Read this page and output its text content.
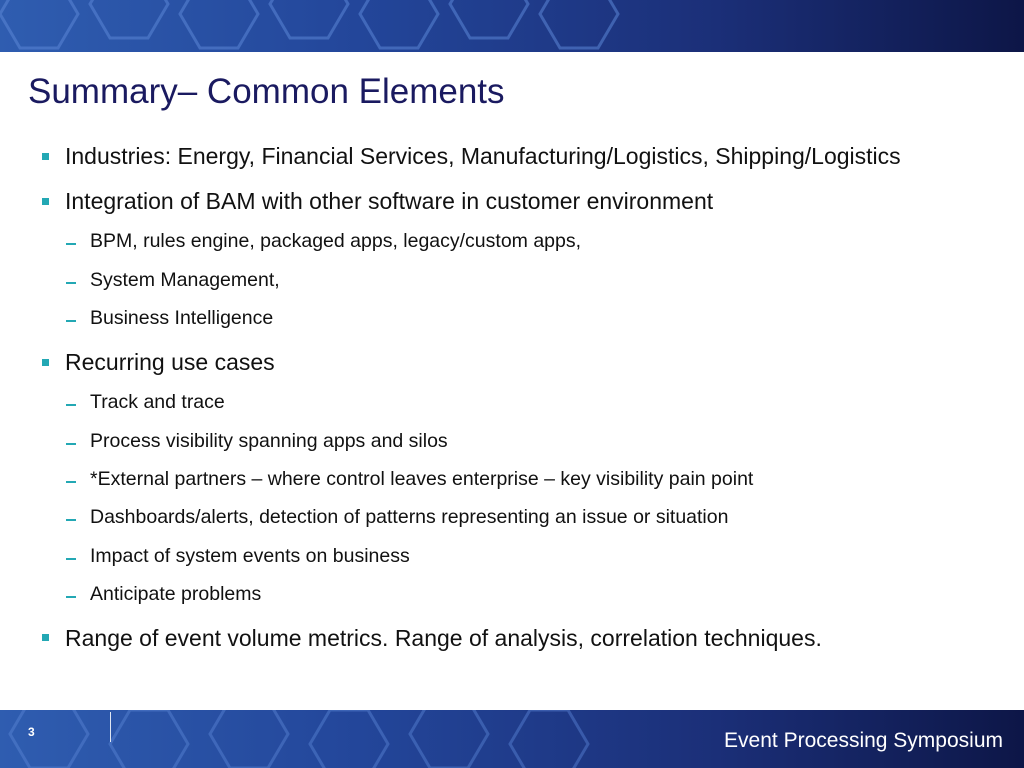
Summary– Common Elements
Industries: Energy, Financial Services, Manufacturing/Logistics, Shipping/Logistics
Integration of BAM with other software in customer environment
BPM, rules engine, packaged apps, legacy/custom apps,
System Management,
Business Intelligence
Recurring use cases
Track and trace
Process visibility spanning apps and silos
*External partners – where control leaves enterprise – key visibility pain point
Dashboards/alerts, detection of patterns representing an issue or situation
Impact of system events on business
Anticipate problems
Range of event volume metrics. Range of analysis, correlation techniques.
3	Event Processing Symposium
